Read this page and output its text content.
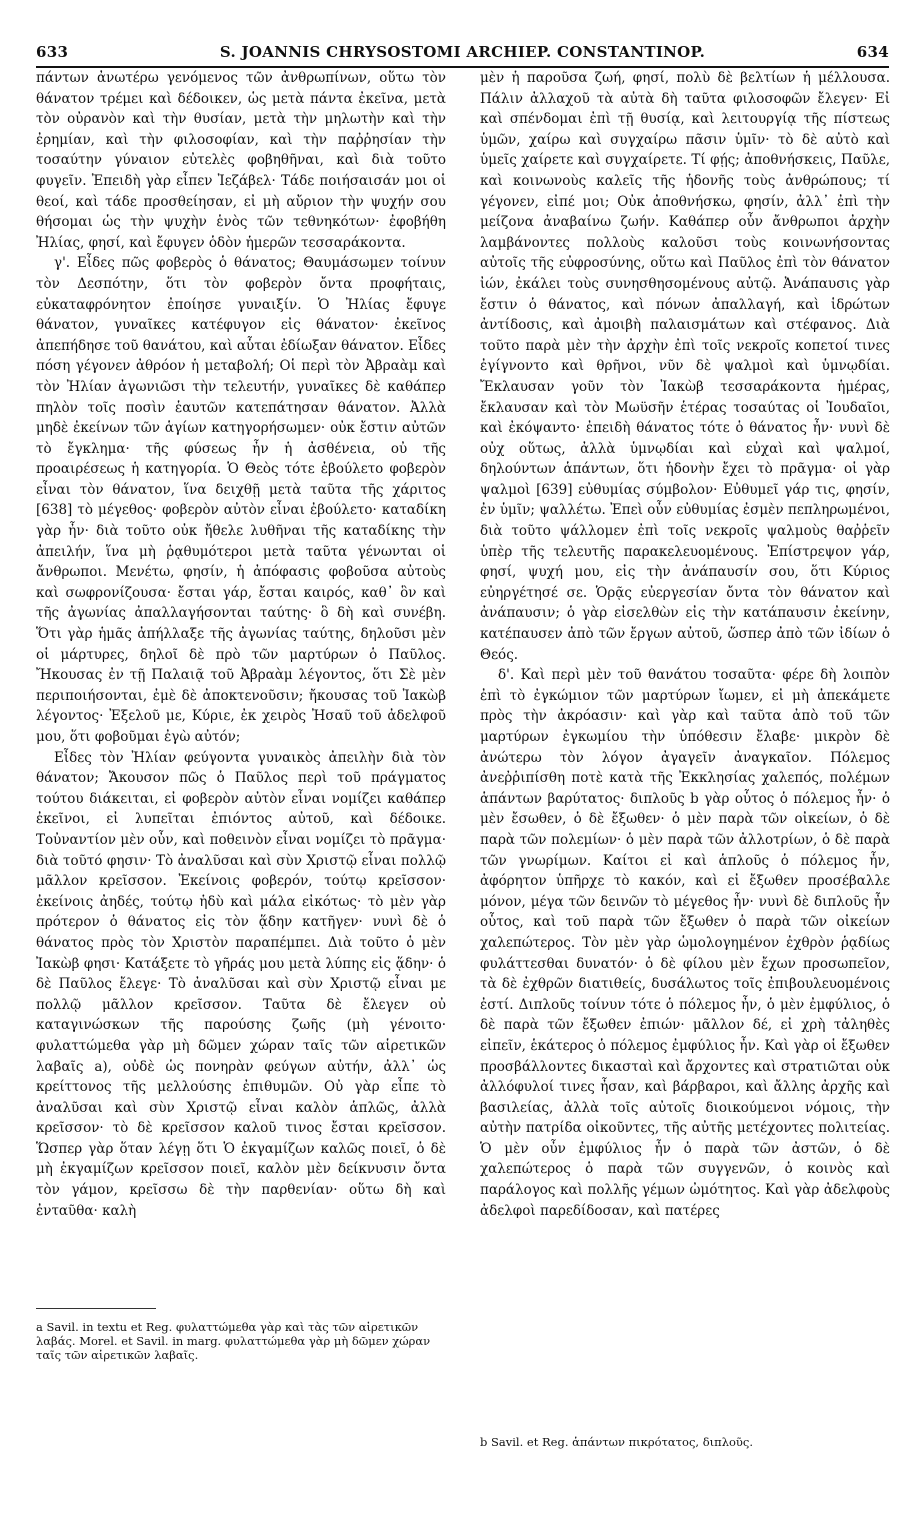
633	S. JOANNIS CHRYSOSTOMI ARCHIEP. CONSTANTINOP.	634

πάντων ἀνωτέρω γενόμενος τῶν ἀνθρωπίνων, οὕτω τὸν θάνατον τρέμει καὶ δέδοικεν, ὡς μετὰ πάντα ἐκεῖνα, μετὰ τὸν οὐρανὸν καὶ τὴν θυσίαν, μετὰ τὴν μηλωτὴν καὶ τὴν ἐρημίαν, καὶ τὴν φιλοσοφίαν, καὶ τὴν παῤῥησίαν τὴν τοσαύτην γύναιον εὐτελὲς φοβηθῆναι, καὶ διὰ τοῦτο φυγεῖν. Ἐπειδὴ γὰρ εἶπεν Ἰεζάβελ· Τάδε ποιήσαισάν μοι οἱ θεοί, καὶ τάδε προσθείησαν, εἰ μὴ αὔριον τὴν ψυχήν σου θήσομαι ὡς τὴν ψυχὴν ἑνὸς τῶν τεθνηκότων· ἐφοβήθη Ἠλίας, φησί, καὶ ἔφυγεν ὁδὸν ἡμερῶν τεσσαράκοντα.

γ'. Εἶδες πῶς φοβερὸς ὁ θάνατος; Θαυμάσωμεν τοίνυν τὸν Δεσπότην, ὅτι τὸν φοβερὸν ὄντα προφήταις, εὐκαταφρόνητον ἐποίησε γυναιξίν. Ὁ Ἠλίας ἔφυγε θάνατον, γυναῖκες κατέφυγον εἰς θάνατον· ἐκεῖνος ἀπεπήδησε τοῦ θανάτου, καὶ αὗται ἐδίωξαν θάνατον. Εἶδες πόση γέγονεν ἀθρόον ἡ μεταβολή; Οἱ περὶ τὸν Ἀβραὰμ καὶ τὸν Ἠλίαν ἀγωνιῶσι τὴν τελευτήν, γυναῖκες δὲ καθάπερ πηλὸν τοῖς ποσὶν ἑαυτῶν κατεπάτησαν θάνατον. Ἀλλὰ μηδὲ ἐκείνων τῶν ἁγίων κατηγορήσωμεν· οὐκ ἔστιν αὐτῶν τὸ ἔγκλημα· τῆς φύσεως ἦν ἡ ἀσθένεια, οὐ τῆς προαιρέσεως ἡ κατηγορία. Ὁ Θεὸς τότε ἐβούλετο φοβερὸν εἶναι τὸν θάνατον, ἵνα δειχθῇ μετὰ ταῦτα τῆς χάριτος [638] τὸ μέγεθος· φοβερὸν αὐτὸν εἶναι ἐβούλετο· καταδίκη γὰρ ἦν· διὰ τοῦτο οὐκ ἤθελε λυθῆναι τῆς καταδίκης τὴν ἀπειλήν, ἵνα μὴ ῥᾳθυμότεροι μετὰ ταῦτα γένωνται οἱ ἄνθρωποι. Μενέτω, φησίν, ἡ ἀπόφασις φοβοῦσα αὐτοὺς καὶ σωφρονίζουσα· ἔσται γάρ, ἔσται καιρός, καθ᾽ ὃν καὶ τῆς ἀγωνίας ἀπαλλαγήσονται ταύτης· ὃ δὴ καὶ συνέβη. Ὅτι γὰρ ἡμᾶς ἀπήλλαξε τῆς ἀγωνίας ταύτης, δηλοῦσι μὲν οἱ μάρτυρες, δηλοῖ δὲ πρὸ τῶν μαρτύρων ὁ Παῦλος. Ἤκουσας ἐν τῇ Παλαιᾷ τοῦ Ἀβραὰμ λέγοντος, ὅτι Σὲ μὲν περιποιήσονται, ἐμὲ δὲ ἀποκτενοῦσιν; ἤκουσας τοῦ Ἰακὼβ λέγοντος· Ἐξελοῦ με, Κύριε, ἐκ χειρὸς Ἠσαῦ τοῦ ἀδελφοῦ μου, ὅτι φοβοῦμαι ἐγὼ αὐτόν;

Εἶδες τὸν Ἠλίαν φεύγοντα γυναικὸς ἀπειλὴν διὰ τὸν θάνατον; Ἄκουσον πῶς ὁ Παῦλος περὶ τοῦ πράγματος τούτου διάκειται, εἰ φοβερὸν αὐτὸν εἶναι νομίζει καθάπερ ἐκεῖνοι, εἰ λυπεῖται ἐπιόντος αὐτοῦ, καὶ δέδοικε. Τοὐναντίον μὲν οὖν, καὶ ποθεινὸν εἶναι νομίζει τὸ πρᾶγμα· διὰ τοῦτό φησιν· Τὸ ἀναλῦσαι καὶ σὺν Χριστῷ εἶναι πολλῷ μᾶλλον κρεῖσσον. Ἐκείνοις φοβερόν, τούτῳ κρεῖσσον· ἐκείνοις ἀηδές, τούτῳ ἡδὺ καὶ μάλα εἰκότως· τὸ μὲν γὰρ πρότερον ὁ θάνατος εἰς τὸν ᾅδην κατῆγεν· νυνὶ δὲ ὁ θάνατος πρὸς τὸν Χριστὸν παραπέμπει. Διὰ τοῦτο ὁ μὲν Ἰακὼβ φησι· Κατάξετε τὸ γῆράς μου μετὰ λύπης εἰς ᾅδην· ὁ δὲ Παῦλος ἔλεγε· Τὸ ἀναλῦσαι καὶ σὺν Χριστῷ εἶναι με πολλῷ μᾶλλον κρεῖσσον. Ταῦτα δὲ ἔλεγεν οὐ καταγινώσκων τῆς παρούσης ζωῆς (μὴ γένοιτο· φυλαττώμεθα γὰρ μὴ δῶμεν χώραν ταῖς τῶν αἱρετικῶν λαβαῖς a), οὐδὲ ὡς πονηρὰν φεύγων αὐτήν, ἀλλ᾽ ὡς κρείττονος τῆς μελλούσης ἐπιθυμῶν. Οὐ γὰρ εἶπε τὸ ἀναλῦσαι καὶ σὺν Χριστῷ εἶναι καλὸν ἁπλῶς, ἀλλὰ κρεῖσσον· τὸ δὲ κρεῖσσον καλοῦ τινος ἔσται κρεῖσσον. Ὥσπερ γὰρ ὅταν λέγῃ ὅτι Ὁ ἐκγαμίζων καλῶς ποιεῖ, ὁ δὲ μὴ ἐκγαμίζων κρεῖσσον ποιεῖ, καλὸν μὲν δείκνυσιν ὄντα τὸν γάμον, κρεῖσσω δὲ τὴν παρθενίαν· οὕτω δὴ καὶ ἐνταῦθα· καλὴ

μὲν ἡ παροῦσα ζωή, φησί, πολὺ δὲ βελτίων ἡ μέλλουσα. Πάλιν ἀλλαχοῦ τὰ αὐτὰ δὴ ταῦτα φιλοσοφῶν ἔλεγεν· Εἰ καὶ σπένδομαι ἐπὶ τῇ θυσίᾳ, καὶ λειτουργίᾳ τῆς πίστεως ὑμῶν, χαίρω καὶ συγχαίρω πᾶσιν ὑμῖν· τὸ δὲ αὐτὸ καὶ ὑμεῖς χαίρετε καὶ συγχαίρετε. Τί φῄς; ἀποθνήσκεις, Παῦλε, καὶ κοινωνοὺς καλεῖς τῆς ἡδονῆς τοὺς ἀνθρώπους; τί γέγονεν, εἰπέ μοι; Οὐκ ἀποθνήσκω, φησίν, ἀλλ᾽ ἐπὶ τὴν μείζονα ἀναβαίνω ζωήν. Καθάπερ οὖν ἄνθρωποι ἀρχὴν λαμβάνοντες πολλοὺς καλοῦσι τοὺς κοινωνήσοντας αὐτοῖς τῆς εὐφροσύνης, οὕτω καὶ Παῦλος ἐπὶ τὸν θάνατον ἰών, ἐκάλει τοὺς συνησθησομένους αὐτῷ. Ἀνάπαυσις γὰρ ἔστιν ὁ θάνατος, καὶ πόνων ἀπαλλαγή, καὶ ἱδρώτων ἀντίδοσις, καὶ ἀμοιβὴ παλαισμάτων καὶ στέφανος. Διὰ τοῦτο παρὰ μὲν τὴν ἀρχὴν ἐπὶ τοῖς νεκροῖς κοπετοί τινες ἐγίγνοντο καὶ θρῆνοι, νῦν δὲ ψαλμοὶ καὶ ὑμνῳδίαι. Ἔκλαυσαν γοῦν τὸν Ἰακὼβ τεσσαράκοντα ἡμέρας, ἔκλαυσαν καὶ τὸν Μωϋσῆν ἑτέρας τοσαύτας οἱ Ἰουδαῖοι, καὶ ἐκόψαντο· ἐπειδὴ θάνατος τότε ὁ θάνατος ἦν· νυνὶ δὲ οὐχ οὕτως, ἀλλὰ ὑμνῳδίαι καὶ εὐχαὶ καὶ ψαλμοί, δηλούντων ἁπάντων, ὅτι ἡδονὴν ἔχει τὸ πρᾶγμα· οἱ γὰρ ψαλμοὶ [639] εὐθυμίας σύμβολον· Εὐθυμεῖ γάρ τις, φησίν, ἐν ὑμῖν; ψαλλέτω. Ἐπεὶ οὖν εὐθυμίας ἐσμὲν πεπληρωμένοι, διὰ τοῦτο ψάλλομεν ἐπὶ τοῖς νεκροῖς ψαλμοὺς θαῤῥεῖν ὑπὲρ τῆς τελευτῆς παρακελευομένους. Ἐπίστρεψον γάρ, φησί, ψυχή μου, εἰς τὴν ἀνάπαυσίν σου, ὅτι Κύριος εὐηργέτησέ σε. Ὁρᾷς εὐεργεσίαν ὄντα τὸν θάνατον καὶ ἀνάπαυσιν; ὁ γὰρ εἰσελθὼν εἰς τὴν κατάπαυσιν ἐκείνην, κατέπαυσεν ἀπὸ τῶν ἔργων αὐτοῦ, ὥσπερ ἀπὸ τῶν ἰδίων ὁ Θεός.

δ'. Καὶ περὶ μὲν τοῦ θανάτου τοσαῦτα· φέρε δὴ λοιπὸν ἐπὶ τὸ ἐγκώμιον τῶν μαρτύρων ἴωμεν, εἰ μὴ ἀπεκάμετε πρὸς τὴν ἀκρόασιν· καὶ γὰρ καὶ ταῦτα ἀπὸ τοῦ τῶν μαρτύρων ἐγκωμίου τὴν ὑπόθεσιν ἔλαβε· μικρὸν δὲ ἀνώτερω τὸν λόγον ἀγαγεῖν ἀναγκαῖον. Πόλεμος ἀνεῤῥιπίσθη ποτὲ κατὰ τῆς Ἐκκλησίας χαλεπός, πολέμων ἁπάντων βαρύτατος· διπλοῦς b γὰρ οὗτος ὁ πόλεμος ἦν· ὁ μὲν ἔσωθεν, ὁ δὲ ἔξωθεν· ὁ μὲν παρὰ τῶν οἰκείων, ὁ δὲ παρὰ τῶν πολεμίων· ὁ μὲν παρὰ τῶν ἀλλοτρίων, ὁ δὲ παρὰ τῶν γνωρίμων. Καίτοι εἰ καὶ ἁπλοῦς ὁ πόλεμος ἦν, ἀφόρητον ὑπῆρχε τὸ κακόν, καὶ εἰ ἔξωθεν προσέβαλλε μόνον, μέγα τῶν δεινῶν τὸ μέγεθος ἦν· νυνὶ δὲ διπλοῦς ἦν οὗτος, καὶ τοῦ παρὰ τῶν ἔξωθεν ὁ παρὰ τῶν οἰκείων χαλεπώτερος. Τὸν μὲν γὰρ ὡμολογημένον ἐχθρὸν ῥᾳδίως φυλάττεσθαι δυνατόν· ὁ δὲ φίλου μὲν ἔχων προσωπεῖον, τὰ δὲ ἐχθρῶν διατιθείς, δυσάλωτος τοῖς ἐπιβουλευομένοις ἐστί. Διπλοῦς τοίνυν τότε ὁ πόλεμος ἦν, ὁ μὲν ἐμφύλιος, ὁ δὲ παρὰ τῶν ἔξωθεν ἐπιών· μᾶλλον δέ, εἰ χρὴ τἀληθὲς εἰπεῖν, ἑκάτερος ὁ πόλεμος ἐμφύλιος ἦν. Καὶ γὰρ οἱ ἔξωθεν προσβάλλοντες δικασταὶ καὶ ἄρχοντες καὶ στρατιῶται οὐκ ἀλλόφυλοί τινες ἦσαν, καὶ βάρβαροι, καὶ ἄλλης ἀρχῆς καὶ βασιλείας, ἀλλὰ τοῖς αὐτοῖς διοικούμενοι νόμοις, τὴν αὐτὴν πατρίδα οἰκοῦντες, τῆς αὐτῆς μετέχοντες πολιτείας. Ὁ μὲν οὖν ἐμφύλιος ἦν ὁ παρὰ τῶν ἀστῶν, ὁ δὲ χαλεπώτερος ὁ παρὰ τῶν συγγενῶν, ὁ κοινὸς καὶ παράλογος καὶ πολλῆς γέμων ὠμότητος. Καὶ γὰρ ἀδελφοὺς ἀδελφοὶ παρεδίδοσαν, καὶ πατέρες

a Savil. in textu et Reg. φυλαττώμεθα γὰρ καὶ τὰς τῶν αἱρετικῶν λαβάς. Morel. et Savil. in marg. φυλαττώμεθα γὰρ μὴ δῶμεν χώραν ταῖς τῶν αἱρετικῶν λαβαῖς.
b Savil. et Reg. ἁπάντων πικρότατος, διπλοῦς.
